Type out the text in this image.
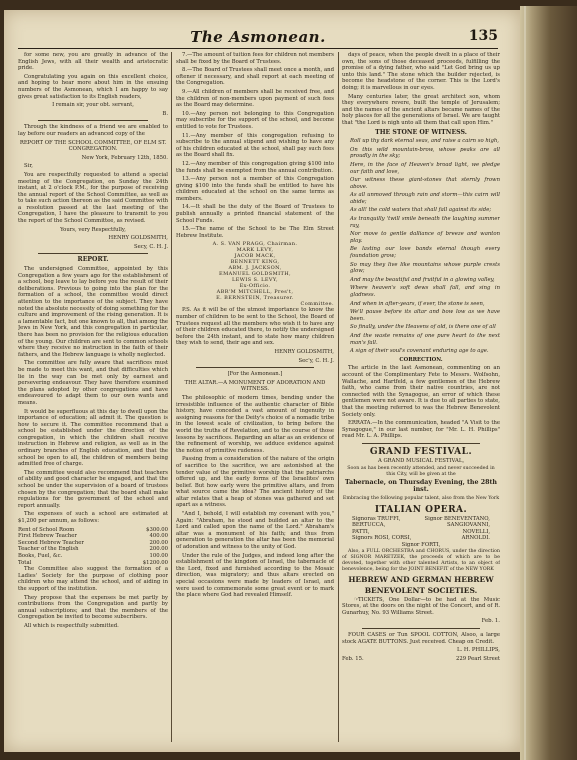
The Asmonean.	135

for some new, you are greatly in advance of the English Jews, with all their wealth and aristocratic pride.

Congratulating you again on this excellent choice, and hoping to hear more about him in the ensuing numbers of the Asmonean, which I am happy to say gives great satisfaction to its English readers,

I remain sir, your obt. servant,

B.

Through the kindness of a friend we are enabled to lay before our readers an advanced copy of the

REPORT OF THE SCHOOL COMMITTEE, OF ELM ST. CONGREGATION.

New York, February 12th, 1850.

Sir,

You are respectfully requested to attend a special meeting of the Congregation, on Sunday the 24th instant, at 2 o'clock P.M., for the purpose of receiving the annual report of the School Committee, as well as to take such action thereon as the said Committee with a resolution passed at the last meeting of the Congregation, I have the pleasure to transmit to you the report of the School Committee, as revised.

Yours, very Respectfully,

HENRY GOLDSMITH,

Secy, C. H. J.

REPORT.

The undersigned Committee, appointed by this Congregation a few years ago for the establishment of a school, beg leave to lay before you the result of their deliberations. Previous to going into the plan for the formation of a school, the committee would direct attention to the importance of the subject. They have noted the absolute necessity of doing something for the culture and improvement of the rising generation. It is a lamentable fact, but one known to all, that among the Jews in New York, and this congregation in particular, there has been no provision for the religious education of the young. Our children are sent to common schools where they receive no instruction in the faith of their fathers, and the Hebrew language is wholly neglected.

The committee are fully aware that sacrifices must be made to meet this want, and that difficulties which lie in the way can be met only by earnest and persevering endeavour. They have therefore examined the plans adopted by other congregations and have endeavoured to adapt them to our own wants and means.

It would be superfluous at this day to dwell upon the importance of education; all admit it. The question is how to secure it. The committee recommend that a school be established under the direction of the congregation, in which the children shall receive instruction in Hebrew and religion, as well as in the ordinary branches of English education, and that the school be open to all, the children of members being admitted free of charge.

The committee would also recommend that teachers of ability and good character be engaged, and that the school be under the supervision of a board of trustees chosen by the congregation; that the board shall make regulations for the government of the school and report annually.

The expenses of such a school are estimated at $1,200 per annum, as follows:

Rent of School Room	$300.00
First Hebrew Teacher	400.00
Second Hebrew Teacher	200.00
Teacher of the English	200.00
Books, Fuel, &c.	100.00
Total	$1200.00

The Committee also suggest the formation of a Ladies' Society for the purpose of clothing poor children who may attend the school, and of aiding in the support of the institution.

They propose that the expenses be met partly by contributions from the Congregation and partly by annual subscriptions; and that the members of the Congregation be invited to become subscribers.

All which is respectfully submitted.

7.—The amount of tuition fees for children not members shall be fixed by the Board of Trustees.

8.—The Board of Trustees shall meet once a month, and oftener if necessary, and shall report at each meeting of the Congregation.

9.—All children of members shall be received free, and the children of non-members upon payment of such fees as the Board may determine.

10.—Any person not belonging to this Congregation may subscribe for the support of the school, and become entitled to vote for Trustees.

11.—Any member of this congregation refusing to subscribe to the annual stipend and wishing to have any of his children educated at the school, shall pay such fees as the Board shall fix.

12.—Any member of this congregation giving $100 into the funds shall be exempted from the annual contribution.

13.—Any person not a member of this Congregation giving $100 into the funds shall be entitled to have his children educated at the school on the same terms as members.

14.—It shall be the duty of the Board of Trustees to publish annually a printed financial statement of the School Funds.

15.—The name of the School to be The Elm Street Hebrew Institute.

A. S. VAN PRAGG, Chairman.
MARK LEVY,
JACOB MACK,
BENNETT KING,
ABM. J. JACKSON,
EMANUEL GOLDSMITH,
LEWIS S. LEVY,
Ex-Officio.
ABR'M MITCHELL, Pres't,
E. BERNSTEIN, Treasurer.
Committee.

P.S. As it will be of the utmost importance to know the number of children to be sent to the School, the Board of Trustees request all the members who wish it to have any of their children educated there, to notify the undersigned before the 24th instant, and to state how many children they wish to send, their age and sex.

HENRY GOLDSMITH,

Sec'y, C. H. J.

[For the Asmonean.]

THE ALTAR.—A MONUMENT OF ADORATION AND WITNESS.

The philosophic of modern times, bending under the irresistible influence of the authentic character of Bible history, have conceded a vast amount of ingenuity in assigning reasons for the Deity's choice of a nomadic tribe in the lowest scale of civilization, to bring before the world the truths of Revelation, and to the course of those lessons by sacrifices. Regarding an altar as an evidence of the refinement of worship, we adduce evidence against the notion of primitive rudeness.

Passing from a consideration of the nature of the origin of sacrifice to the sacrifice, we are astonished at the tender value of the primitive worship that the patriarchs offered up, and the early forms of the Israelites' own belief. But how early were the primitive altars, and from what source came the idea? The ancient history of the altar relates that a heap of stones was gathered and set apart as a witness.

"And I, behold, I will establish my covenant with you," Again: "Abraham, he stood and builded an altar to the Lord and called upon the name of the Lord." Abraham's altar was a monument of his faith; and thus from generation to generation the altar has been the memorial of adoration and witness to the unity of God.

Under the rule of the Judges, and indeed long after the establishment of the kingdom of Israel, the tabernacle of the Lord, fixed and furnished according to the Mosaic direction, was migratory; and thus altars erected on special occasions were made by leaders of Israel, and were used to commemorate some great event or to mark the place where God had revealed Himself.

days of peace, when the people dwelt in a place of their own, the sons of those deceased proceeds, fulfilling the promise of a dying father, who said "Let God bring us up unto this land." The stone which the builder rejected, is become the headstone of the corner. This is the Lord's doing; it is marvellous in our eyes.

Many centuries later, the great architect son, whom they everywhere revere, built the temple of Jerusalem; and the names of the ancient altars became names of the holy places for all the generations of Israel. We are taught that "the Lord is nigh unto all them that call upon Him."

THE STONE OF WITNESS.

Roll up thy dark eternal seas, and raise a cairn so high,

On this wild mountain-brow, whose peaks are all proudly in the sky;

Here, in the face of Heaven's broad light, we pledge our faith and love,

Our witness these giant-stones that sternly frown above.

As all unmoved through rain and storm—this cairn will abide;

As all! the cold waters that shall fall against its side;

As tranquilly 'twill smile beneath the laughing summer ray,

Nor move to gentle dalliance of breeze and wanton play.

Be lasting our love bands eternal though every foundation grow;

So may they live like mountains whose purple crests glow;

And may the beautiful and fruitful in a glowing valley,

Where heaven's soft dews shall fall, and sing in gladness.

And when in after-years, if ever, the stone is seen,

We'll pause before its altar and bow low as we have been.

So finally, under the Heavens of old, is there one of all

And the waste remains of one pure heart to the next man's fall.

A sign of their soul's covenant enduring age to age.

CORRECTION.

The article in the last Asmonean, commenting on an account of the Complimentary Fete to Messrs. Wolfsohn, Wallache, and Hartfeld, a few gentlemen of the Hebrew faith, who came from their native countries, are not connected with the Synagogue, an error of which these gentlemen were not aware. It is due to all parties to state, that the meeting referred to was the Hebrew Benevolent Society only.

ERRATA.—In the communication, headed "A Visit to the Synagogue," in our last number, for "Mr. L. H. Phillips" read Mr. L. A. Phillips.

GRAND FESTIVAL.

A GRAND MUSICAL FESTIVAL,

Soon as has been recently attended, and never succeeded in this City, will be given at the

Tabernacle, on Thursday Evening, the 28th inst.

Embracing the following popular talent, also from the New York

ITALIAN OPERA.

Signoras TRUFFI,	Signor BENEVENTANO,
BERTUCCA,	SANGIOVANNI,
PATTI,	NOVELLI,
Signors ROSI, CORSI,	ARNOLDI.
Signor FORTI,

Also, a FULL ORCHESTRA and CHORUS, under the direction of SIGNOR MARETZEK, the proceeds of which are to be devoted, together with other talented Artists, to an object of benevolence, being for the JOINT BENEFIT of the NEW YORK

HEBREW AND GERMAN HEBREW

BENEVOLENT SOCIETIES.

☞TICKETS, One Dollar—to be had at the Music Stores, at the doors on the night of the Concert, and of R. Gunarhuy, No. 93 Williams Street.

Feb. 1.

FOUR CASES or Tun SPOOL COTTON, Alsoo, a large stock AGATE BUTTONS. Just received. Cheap on Credit.

L. H. PHILLIPS,

Feb. 15.	229 Pearl Street
